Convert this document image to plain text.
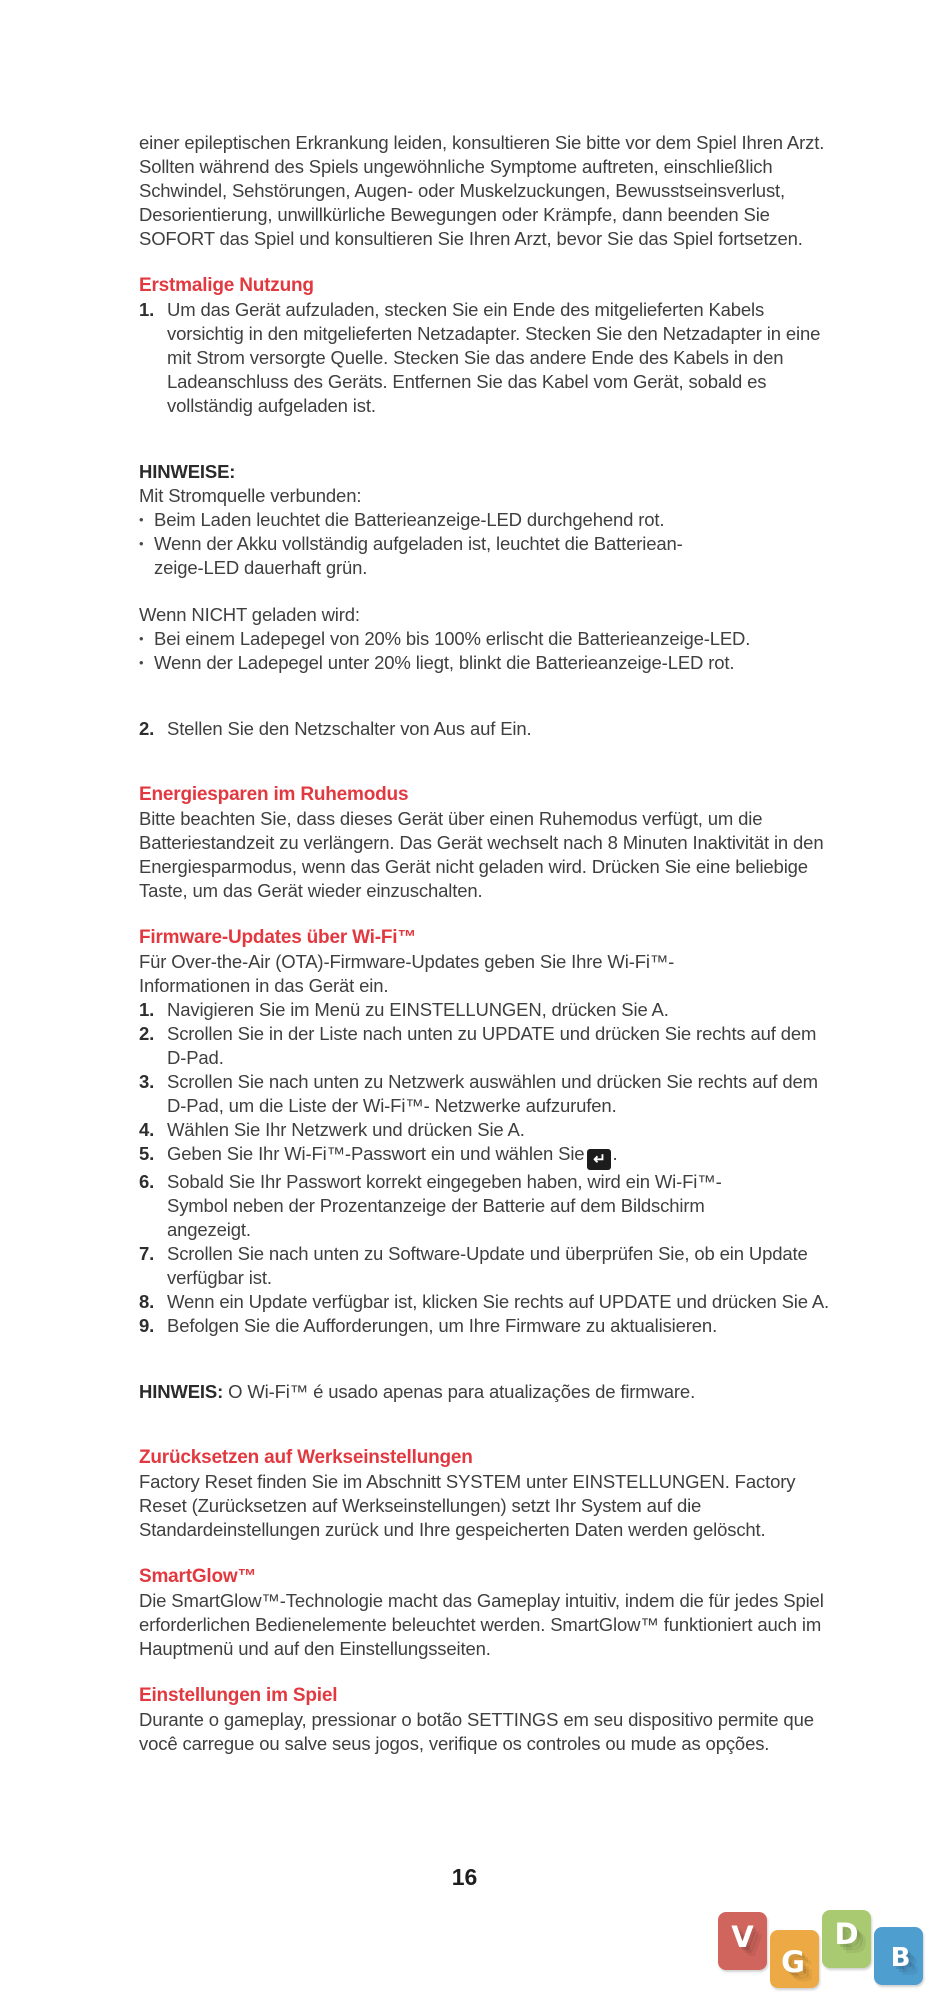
einer epileptischen Erkrankung leiden, konsultieren Sie bitte vor dem Spiel Ihren Arzt. Sollten während des Spiels ungewöhnliche Symptome auftreten, einschließlich Schwindel, Sehstörungen, Augen- oder Muskelzuckungen, Bewusstseinsverlust, Desorientierung, unwillkürliche Bewegungen oder Krämpfe, dann beenden Sie SOFORT das Spiel und konsultieren Sie Ihren Arzt, bevor Sie das Spiel fortsetzen.

Erstmalige Nutzung
1. Um das Gerät aufzuladen, stecken Sie ein Ende des mitgelieferten Kabels vorsichtig in den mitgelieferten Netzadapter. Stecken Sie den Netzadapter in eine mit Strom versorgte Quelle. Stecken Sie das andere Ende des Kabels in den Ladeanschluss des Geräts. Entfernen Sie das Kabel vom Gerät, sobald es vollständig aufgeladen ist.
HINWEISE:
Mit Stromquelle verbunden:
• Beim Laden leuchtet die Batterieanzeige-LED durchgehend rot.
• Wenn der Akku vollständig aufgeladen ist, leuchtet die Batteriean-
zeige-LED dauerhaft grün.
Wenn NICHT geladen wird:
• Bei einem Ladepegel von 20% bis 100% erlischt die Batterieanzeige-LED.
• Wenn der Ladepegel unter 20% liegt, blinkt die Batterieanzeige-LED rot.
2. Stellen Sie den Netzschalter von Aus auf Ein.
Energiesparen im Ruhemodus

Bitte beachten Sie, dass dieses Gerät über einen Ruhemodus verfügt, um die Batteriestandzeit zu verlängern. Das Gerät wechselt nach 8 Minuten Inaktivität in den Energiesparmodus, wenn das Gerät nicht geladen wird. Drücken Sie eine beliebige Taste, um das Gerät wieder einzuschalten.

Firmware-Updates über Wi-Fi™
Für Over-the-Air (OTA)-Firmware-Updates geben Sie Ihre Wi-Fi™-
Informationen in das Gerät ein.
1. Navigieren Sie im Menü zu EINSTELLUNGEN, drücken Sie A.
2. Scrollen Sie in der Liste nach unten zu UPDATE und drücken Sie rechts auf dem D-Pad.
3. Scrollen Sie nach unten zu Netzwerk auswählen und drücken Sie rechts auf dem D-Pad, um die Liste der Wi-Fi™- Netzwerke aufzurufen.
4. Wählen Sie Ihr Netzwerk und drücken Sie A.
5. Geben Sie Ihr Wi-Fi™-Passwort ein und wählen Sie ↵ .
6. Sobald Sie Ihr Passwort korrekt eingegeben haben, wird ein Wi-Fi™-
Symbol neben der Prozentanzeige der Batterie auf dem Bildschirm
angezeigt.
7. Scrollen Sie nach unten zu Software-Update und überprüfen Sie, ob ein Update verfügbar ist.
8. Wenn ein Update verfügbar ist, klicken Sie rechts auf UPDATE und drücken Sie A.
9. Befolgen Sie die Aufforderungen, um Ihre Firmware zu aktualisieren.

HINWEIS: O Wi-Fi™ é usado apenas para atualizações de firmware.

Zurücksetzen auf Werkseinstellungen

Factory Reset finden Sie im Abschnitt SYSTEM unter EINSTELLUNGEN. Factory Reset (Zurücksetzen auf Werkseinstellungen) setzt Ihr System auf die Standardeinstellungen zurück und Ihre gespeicherten Daten werden gelöscht.

SmartGlow™

Die SmartGlow™-Technologie macht das Gameplay intuitiv, indem die für jedes Spiel erforderlichen Bedienelemente beleuchtet werden. SmartGlow™ funktioniert auch im Hauptmenü und auf den Einstellungsseiten.

Einstellungen im Spiel

Durante o gameplay, pressionar o botão SETTINGS em seu dispositivo permite que você carregue ou salve seus jogos, verifique os controles ou mude as opções.

16
V
G
D
B
